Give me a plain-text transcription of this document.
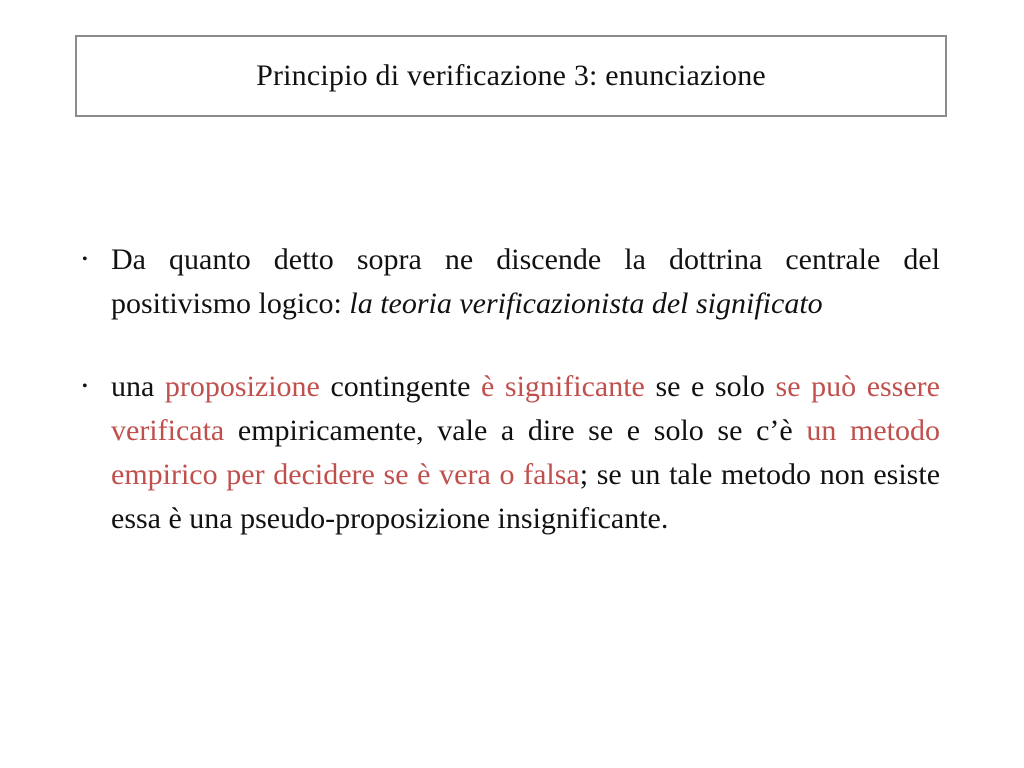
Principio di verificazione 3: enunciazione
• Da quanto detto sopra ne discende la dottrina centrale del positivismo logico: la teoria verificazionista del significato
• una proposizione contingente è significante se e solo se può essere verificata empiricamente, vale a dire se e solo se c’è un metodo empirico per decidere se è vera o falsa; se un tale metodo non esiste essa è una pseudo-proposizione insignificante.
